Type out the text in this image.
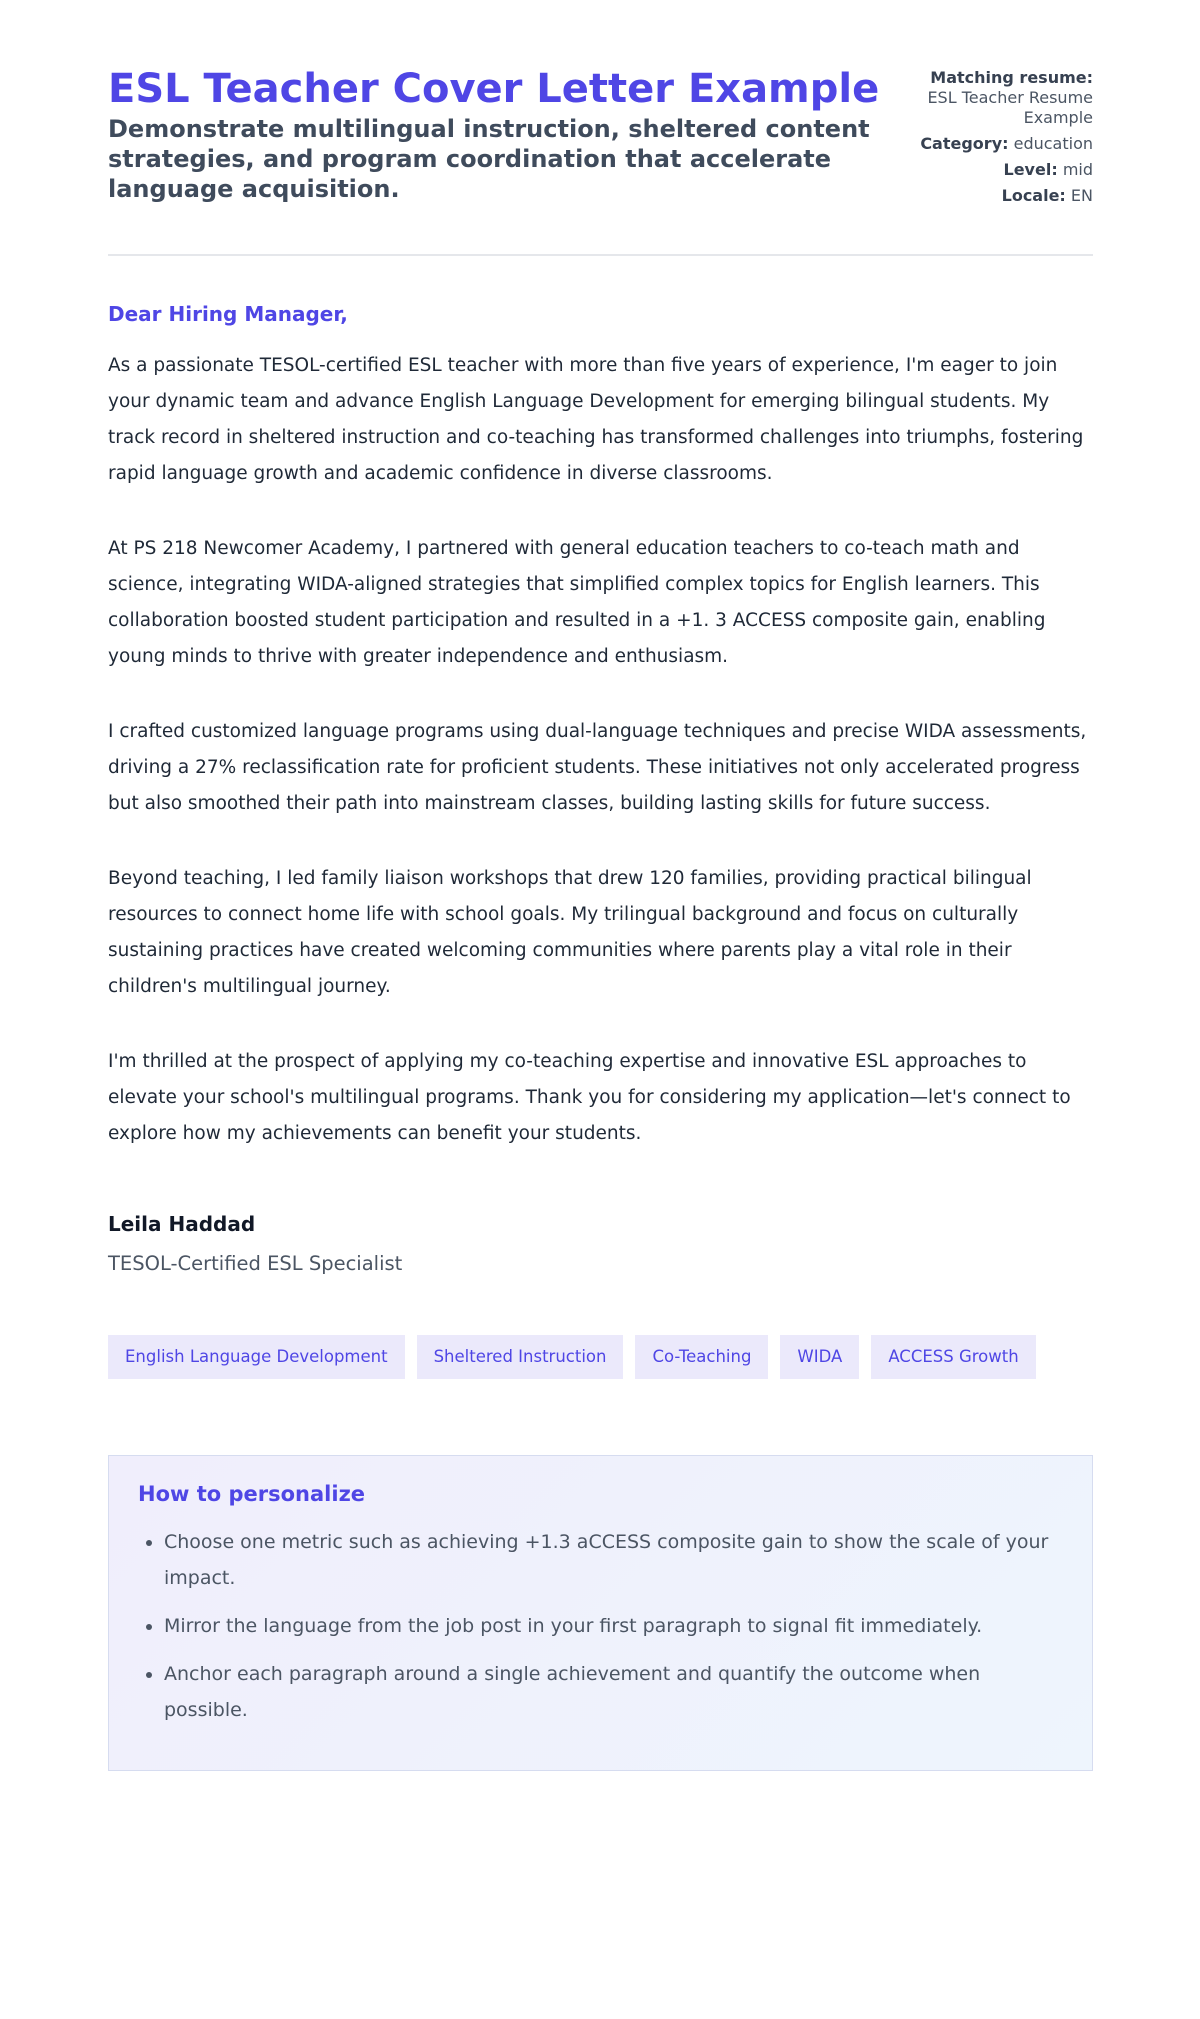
ESL Teacher Cover Letter Example

Demonstrate multilingual instruction, sheltered content strategies, and program coordination that accelerate language acquisition.

Matching resume: ESL Teacher Resume Example
Category: education
Level: mid
Locale: EN
Dear Hiring Manager,

As a passionate TESOL-certified ESL teacher with more than five years of experience, I'm eager to join your dynamic team and advance English Language Development for emerging bilingual students. My track record in sheltered instruction and co-teaching has transformed challenges into triumphs, fostering rapid language growth and academic confidence in diverse classrooms.

At PS 218 Newcomer Academy, I partnered with general education teachers to co-teach math and science, integrating WIDA-aligned strategies that simplified complex topics for English learners. This collaboration boosted student participation and resulted in a +1. 3 ACCESS composite gain, enabling young minds to thrive with greater independence and enthusiasm.

I crafted customized language programs using dual-language techniques and precise WIDA assessments, driving a 27% reclassification rate for proficient students. These initiatives not only accelerated progress but also smoothed their path into mainstream classes, building lasting skills for future success.

Beyond teaching, I led family liaison workshops that drew 120 families, providing practical bilingual resources to connect home life with school goals. My trilingual background and focus on culturally sustaining practices have created welcoming communities where parents play a vital role in their children's multilingual journey.

I'm thrilled at the prospect of applying my co-teaching expertise and innovative ESL approaches to elevate your school's multilingual programs. Thank you for considering my application—let's connect to explore how my achievements can benefit your students.

Leila Haddad
TESOL-Certified ESL Specialist
English Language Development	Sheltered Instruction	Co-Teaching	WIDA	ACCESS Growth
How to personalize
• Choose one metric such as achieving +1.3 aCCESS composite gain to show the scale of your impact.
• Mirror the language from the job post in your first paragraph to signal fit immediately.
• Anchor each paragraph around a single achievement and quantify the outcome when possible.
